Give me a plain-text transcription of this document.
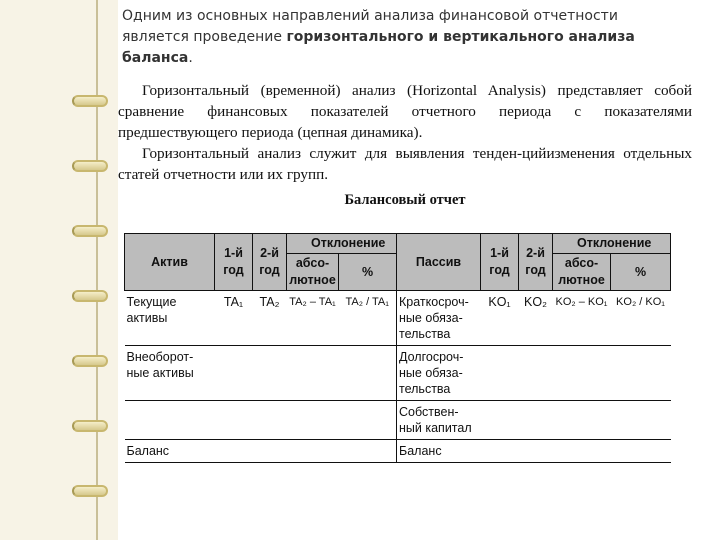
Одним из основных направлений анализа финансовой отчетности
является проведение горизонтального и вертикального анализа
баланса.

Горизонтальный (временной) анализ (Horizontal Analysis) представляет собой сравнение финансовых показателей отчетного периода с показателями предшествующего периода (цепная динамика).

Горизонтальный анализ служит для выявления тенден-цийизменения отдельных статей отчетности или их групп.

Балансовый отчет
Актив	1-й год	2-й год	Отклонение		Пассив	1-й год	2-й год	Отклонение	
			абсо-лютное	%				абсо-лютное	%
Текущие активы	TA₁	TA₂	TA₂ – TA₁	TA₂ / TA₁	Краткосроч-ные обяза-тельства	KO₁	KO₂	KO₂ – KO₁	KO₂ / KO₁
Внеоборот-ные активы					Долгосроч-ные обяза-тельства				
					Собствен-ный капитал				
Баланс					Баланс				
